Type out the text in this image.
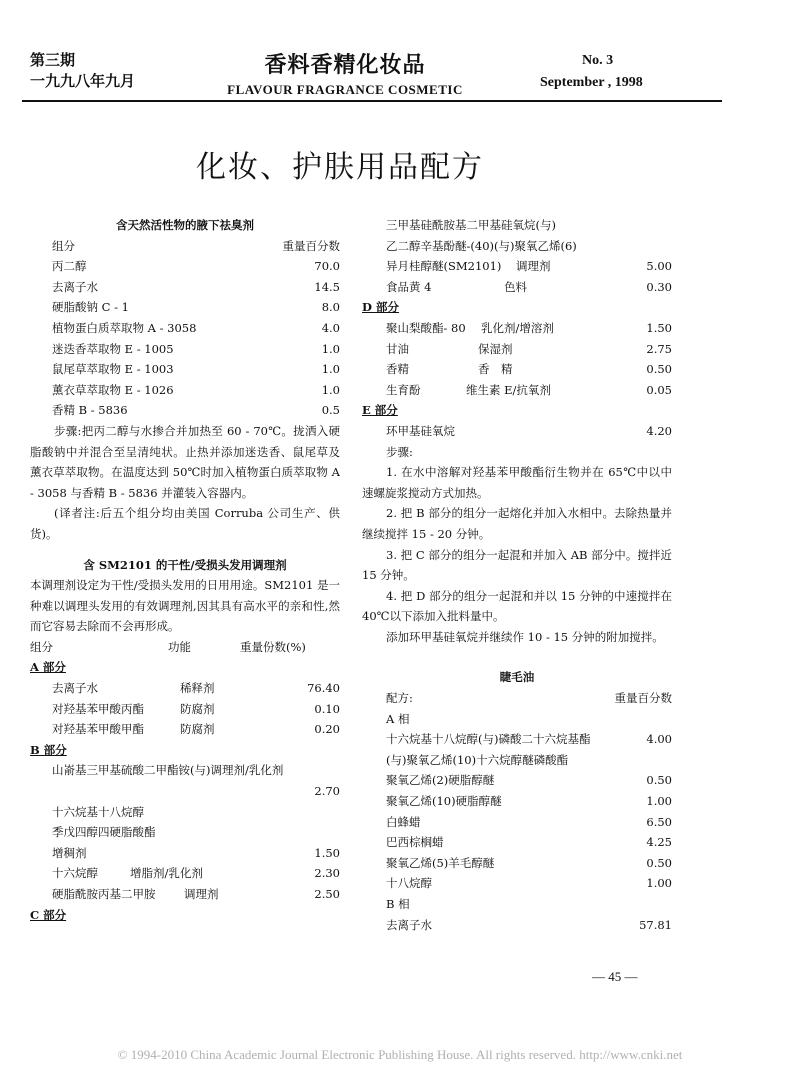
第三期
一九九八年九月
香料香精化妆品
FLAVOUR FRAGRANCE COSMETIC
No. 3
September , 1998
化妆、护肤用品配方
含天然活性物的腋下祛臭剂
组分	重量百分数
丙二醇	70.0
去离子水	14.5
硬脂酸钠 C - 1	8.0
植物蛋白质萃取物 A - 3058	4.0
迷迭香萃取物 E - 1005	1.0
鼠尾草萃取物 E - 1003	1.0
薰衣草萃取物 E - 1026	1.0
香精 B - 5836	0.5
步骤:把丙二醇与水掺合并加热至 60 - 70℃。拢洒入硬脂酸钠中并混合至呈清纯状。止热并添加迷迭香、鼠尾草及薰衣草萃取物。在温度达到 50℃时加入植物蛋白质萃取物 A - 3058 与香精 B - 5836 并灌装入容器内。
(译者注:后五个组分均由美国 Corruba 公司生产、供货)。
含 SM2101 的干性/受损头发用调理剂
本调理剂设定为干性/受损头发用的日用用途。SM2101 是一种难以调理头发用的有效调理剂,因其具有高水平的亲和性,然而它容易去除而不会再形成。
组分	功能	重量份数(%)
A 部分
去离子水	稀释剂	76.40
对羟基苯甲酸丙酯	防腐剂	0.10
对羟基苯甲酸甲酯	防腐剂	0.20
B 部分
山嵛基三甲基硫酸二甲酯铵(与)调理剂/乳化剂
2.70
十六烷基十八烷醇
季戊四醇四硬脂酸酯
增稠剂	1.50
十六烷醇	增脂剂/乳化剂	2.30
硬脂酰胺丙基二甲胺	调理剂	2.50
C 部分
三甲基硅酰胺基二甲基硅氧烷(与)
乙二醇辛基酚醚-(40)(与)聚氧乙烯(6)
异月桂醇醚(SM2101)	调理剂	5.00
食品黄 4	色料	0.30
D 部分
聚山梨酸酯- 80	乳化剂/增溶剂	1.50
甘油	保湿剂	2.75
香精	香　精	0.50
生育酚	维生素 E/抗氧剂	0.05
E 部分
环甲基硅氧烷	4.20
步骤:
1. 在水中溶解对羟基苯甲酸酯衍生物并在 65℃中以中速螺旋浆搅动方式加热。
2. 把 B 部分的组分一起熔化并加入水相中。去除热量并继续搅拌 15 - 20 分钟。
3. 把 C 部分的组分一起混和并加入 AB 部分中。搅拌近 15 分钟。
4. 把 D 部分的组分一起混和并以 15 分钟的中速搅拌在 40℃以下添加入批料量中。
添加环甲基硅氧烷并继续作 10 - 15 分钟的附加搅拌。
睫毛油
配方:	重量百分数
A 相
十六烷基十八烷醇(与)磷酸二十六烷基酯	4.00
(与)聚氧乙烯(10)十六烷醇醚磷酸酯
聚氧乙烯(2)硬脂醇醚	0.50
聚氧乙烯(10)硬脂醇醚	1.00
白蜂蜡	6.50
巴西棕榈蜡	4.25
聚氧乙烯(5)羊毛醇醚	0.50
十八烷醇	1.00
B 相
去离子水	57.81
— 45 —
© 1994-2010 China Academic Journal Electronic Publishing House. All rights reserved. http://www.cnki.net
